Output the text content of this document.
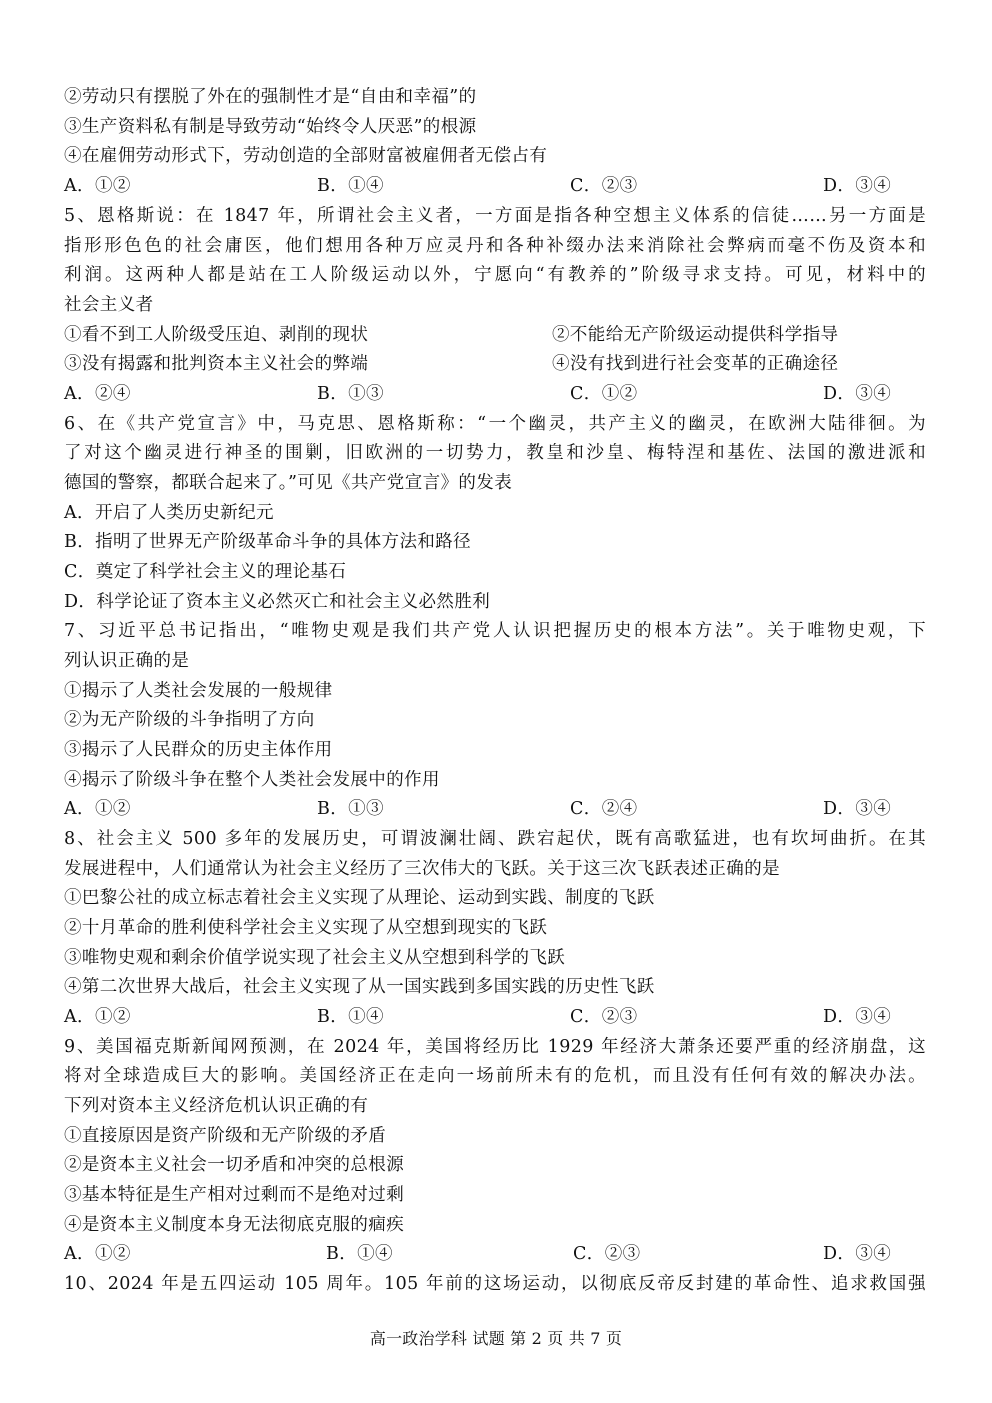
②劳动只有摆脱了外在的强制性才是“自由和幸福”的
③生产资料私有制是导致劳动“始终令人厌恶”的根源
④在雇佣劳动形式下，劳动创造的全部财富被雇佣者无偿占有
A．①②	B．①④	C．②③	D．③④
5、恩格斯说：在 1847 年，所谓社会主义者，一方面是指各种空想主义体系的信徒……另一方面是
指形形色色的社会庸医，他们想用各种万应灵丹和各种补缀办法来消除社会弊病而毫不伤及资本和
利润。这两种人都是站在工人阶级运动以外，宁愿向“有教养的”阶级寻求支持。可见，材料中的
社会主义者
①看不到工人阶级受压迫、剥削的现状	②不能给无产阶级运动提供科学指导
③没有揭露和批判资本主义社会的弊端	④没有找到进行社会变革的正确途径
A．②④	B．①③	C．①②	D．③④
6、在《共产党宣言》中，马克思、恩格斯称：“一个幽灵，共产主义的幽灵，在欧洲大陆徘徊。为
了对这个幽灵进行神圣的围剿，旧欧洲的一切势力，教皇和沙皇、梅特涅和基佐、法国的激进派和
德国的警察，都联合起来了。”可见《共产党宣言》的发表
A．开启了人类历史新纪元
B．指明了世界无产阶级革命斗争的具体方法和路径
C．奠定了科学社会主义的理论基石
D．科学论证了资本主义必然灭亡和社会主义必然胜利
7、习近平总书记指出，“唯物史观是我们共产党人认识把握历史的根本方法”。关于唯物史观，下
列认识正确的是
①揭示了人类社会发展的一般规律
②为无产阶级的斗争指明了方向
③揭示了人民群众的历史主体作用
④揭示了阶级斗争在整个人类社会发展中的作用
A．①②	B．①③	C．②④	D．③④
8、社会主义 500 多年的发展历史，可谓波澜壮阔、跌宕起伏，既有高歌猛进，也有坎坷曲折。在其
发展进程中，人们通常认为社会主义经历了三次伟大的飞跃。关于这三次飞跃表述正确的是
①巴黎公社的成立标志着社会主义实现了从理论、运动到实践、制度的飞跃
②十月革命的胜利使科学社会主义实现了从空想到现实的飞跃
③唯物史观和剩余价值学说实现了社会主义从空想到科学的飞跃
④第二次世界大战后，社会主义实现了从一国实践到多国实践的历史性飞跃
A．①②	B．①④	C．②③	D．③④
9、美国福克斯新闻网预测，在 2024 年，美国将经历比 1929 年经济大萧条还要严重的经济崩盘，这
将对全球造成巨大的影响。美国经济正在走向一场前所未有的危机，而且没有任何有效的解决办法。
下列对资本主义经济危机认识正确的有
①直接原因是资产阶级和无产阶级的矛盾
②是资本主义社会一切矛盾和冲突的总根源
③基本特征是生产相对过剩而不是绝对过剩
④是资本主义制度本身无法彻底克服的痼疾
A．①②	B．①④	C．②③	D．③④
10、2024 年是五四运动 105 周年。105 年前的这场运动，以彻底反帝反封建的革命性、追求救国强
高一政治学科 试题 第 2 页 共 7 页
